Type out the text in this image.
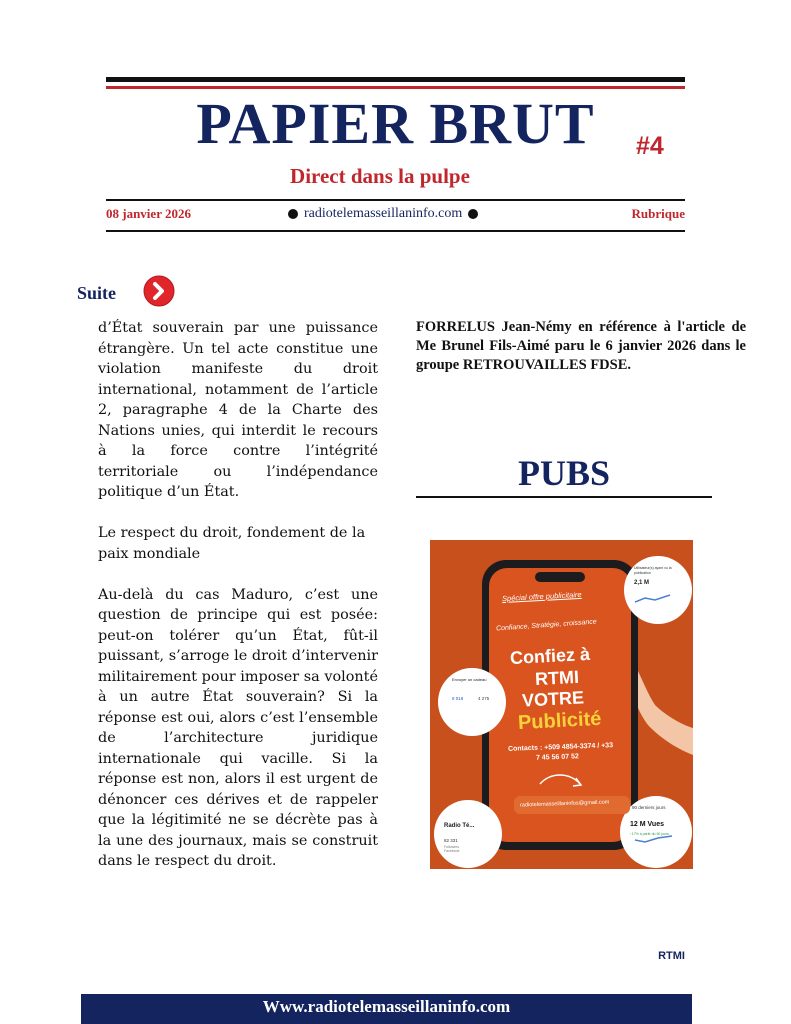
PAPIER BRUT	#4
Direct dans la pulpe
08 janvier 2026	radiotelemasseillaninfo.com	Rubrique
Suite

d’État souverain par une puissance étrangère. Un tel acte constitue une violation manifeste du droit international, notamment de l’article 2, paragraphe 4 de la Charte des Nations unies, qui interdit le recours à la force contre l’intégrité territoriale ou l’indépendance politique d’un État.

Le respect du droit, fondement de la paix mondiale

Au-delà du cas Maduro, c’est une question de principe qui est posée: peut-on tolérer qu’un État, fût-il puissant, s’arroge le droit d’intervenir militairement pour imposer sa volonté à un autre État souverain? Si la réponse est oui, alors c’est l’ensemble de l’architecture juridique internationale qui vacille. Si la réponse est non, alors il est urgent de dénoncer ces dérives et de rappeler que la légitimité ne se décrète pas à la une des journaux, mais se construit dans le respect du droit.

FORRELUS Jean-Némy en référence à l'article de Me Brunel Fils-Aimé paru le 6 janvier 2026 dans le groupe RETROUVAILLES FDSE.
PUBS
Spécial offre publicitaire
Confiance, Stratégie, croissance
Confiez à
RTMI
VOTRE
Publicité
Contacts : +509 4854-3374 / +33
7 45 56 07 52
radiotelemasseillaninfos@gmail.com
Utilisateur(s) ayant vu la publication
2,1 M
Envoyer un cadeau
8 018	4 275
Radio Té...
82 331
Followers Facebook
90 derniers jours
12 M Vues
↑17% à partir du 90 jours
RTMI
Www.radiotelemasseillaninfo.com
